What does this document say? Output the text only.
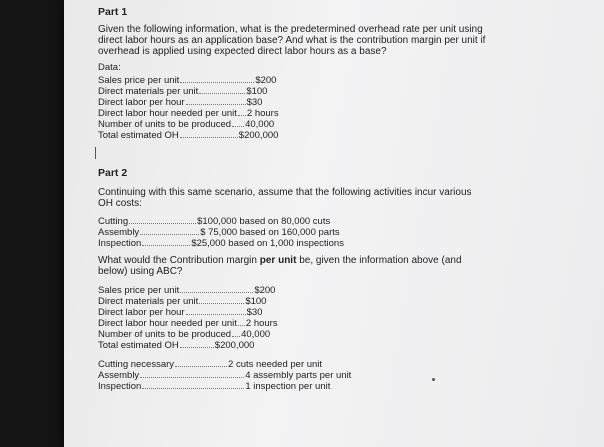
Part 1
Given the following information, what is the predetermined overhead rate per unit using
direct labor hours as an application base? And what is the contribution margin per unit if
overhead is applied using expected direct labor hours as a base?
Data:
Sales price per unit	$200
Direct materials per unit	$100
Direct labor per hour	$30
Direct labor hour needed per unit 2 hours
Number of units to be produced 40,000
Total estimated OH	$200,000
Part 2
Continuing with this same scenario, assume that the following activities incur various
OH costs:
Cutting	$100,000 based on 80,000 cuts
Assembly	$ 75,000 based on 160,000 parts
Inspection	$25,000 based on 1,000 inspections
What would the Contribution margin per unit be, given the information above (and
below) using ABC?
Sales price per unit	$200
Direct materials per unit	$100
Direct labor per hour	$30
Direct labor hour needed per unit 2 hours
Number of units to be produced 40,000
Total estimated OH	$200,000
Cutting necessary	2 cuts needed per unit
Assembly	4 assembly parts per unit
Inspection	1 inspection per unit
